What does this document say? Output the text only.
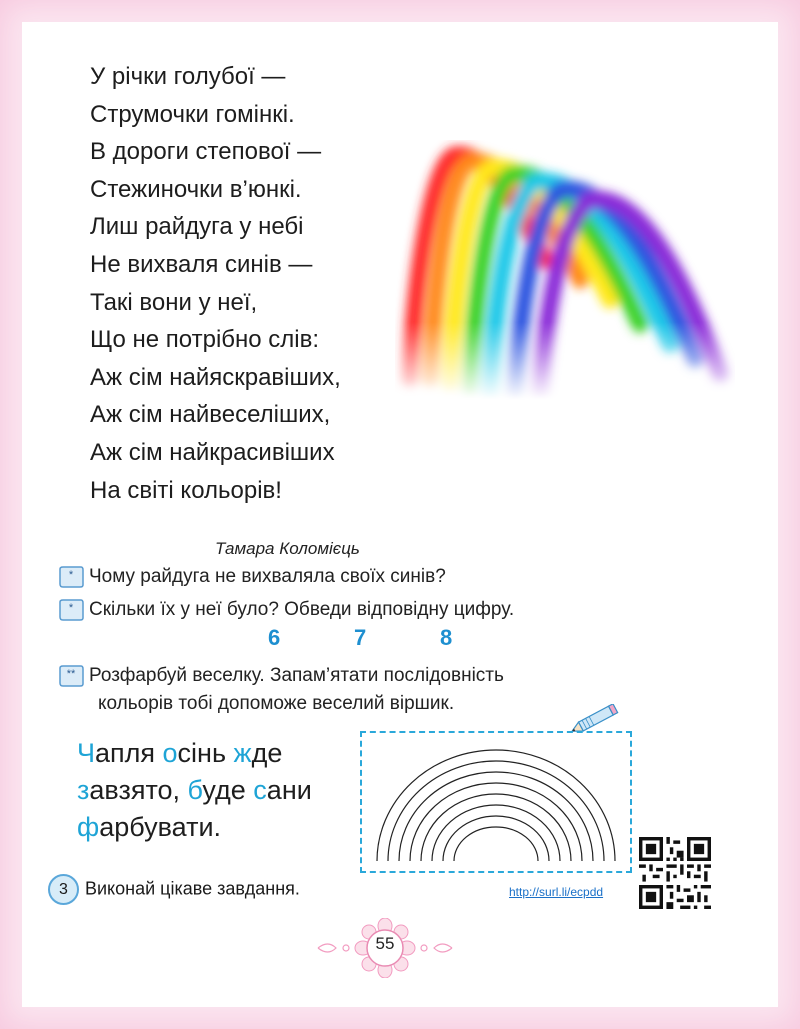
У річки голубої —
Струмочки гомінкі.
В дороги степової —
Стежиночки в’юнкі.
Лиш райдуга у небі
Не вихваля синів —
Такі вони у неї,
Що не потрібно слів:
Аж сім найяскравіших,
Аж сім найвеселіших,
Аж сім найкрасивіших
На світі кольорів!
Тамара Коломієць
* Чому райдуга не вихваляла своїх синів?
* Скільки їх у неї було? Обведи відповідну цифру.
6	7	8
** Розфарбуй веселку. Запам’ятати послідовність
кольорів тобі допоможе веселий віршик.
Чапля осінь жде
завзято, буде сани
фарбувати.
3 Виконай цікаве завдання.	http://surl.li/ecpdd
55
